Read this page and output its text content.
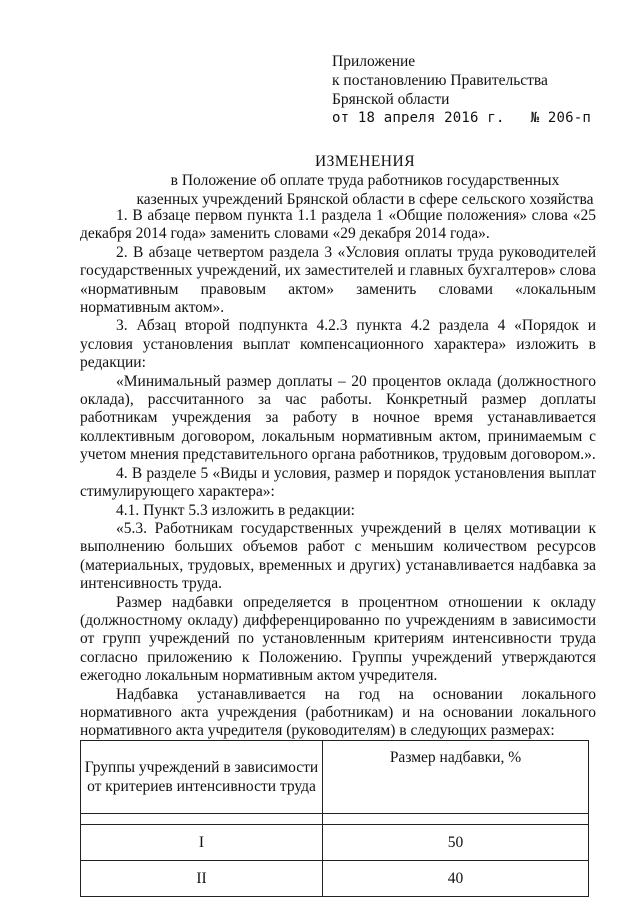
Приложение
к постановлению Правительства
Брянской области
от 18 апреля 2016 г. № 206-п
ИЗМЕНЕНИЯ
в Положение об оплате труда работников государственных
казенных учреждений Брянской области в сфере сельского хозяйства

1. В абзаце первом пункта 1.1 раздела 1 «Общие положения» слова «25 декабря 2014 года» заменить словами «29 декабря 2014 года».

2. В абзаце четвертом раздела 3 «Условия оплаты труда руководителей государственных учреждений, их заместителей и главных бухгалтеров» слова «нормативным правовым актом» заменить словами «локальным нормативным актом».

3. Абзац второй подпункта 4.2.3 пункта 4.2 раздела 4 «Порядок и условия установления выплат компенсационного характера» изложить в редакции:

«Минимальный размер доплаты – 20 процентов оклада (должностного оклада), рассчитанного за час работы. Конкретный размер доплаты работникам учреждения за работу в ночное время устанавливается коллективным договором, локальным нормативным актом, принимаемым с учетом мнения представительного органа работников, трудовым договором.».

4. В разделе 5 «Виды и условия, размер и порядок установления выплат стимулирующего характера»:

4.1. Пункт 5.3 изложить в редакции:

«5.3. Работникам государственных учреждений в целях мотивации к выполнению больших объемов работ с меньшим количеством ресурсов (материальных, трудовых, временных и других) устанавливается надбавка за интенсивность труда.

Размер надбавки определяется в процентном отношении к окладу (должностному окладу) дифференцированно по учреждениям в зависимости от групп учреждений по установленным критериям интенсивности труда согласно приложению к Положению. Группы учреждений утверждаются ежегодно локальным нормативным актом учредителя.

Надбавка устанавливается на год на основании локального нормативного акта учреждения (работникам) и на основании локального нормативного акта учредителя (руководителям) в следующих размерах:

Группы учреждений в зависимости от критериев интенсивности труда	Размер надбавки, %

I	50
II	40
